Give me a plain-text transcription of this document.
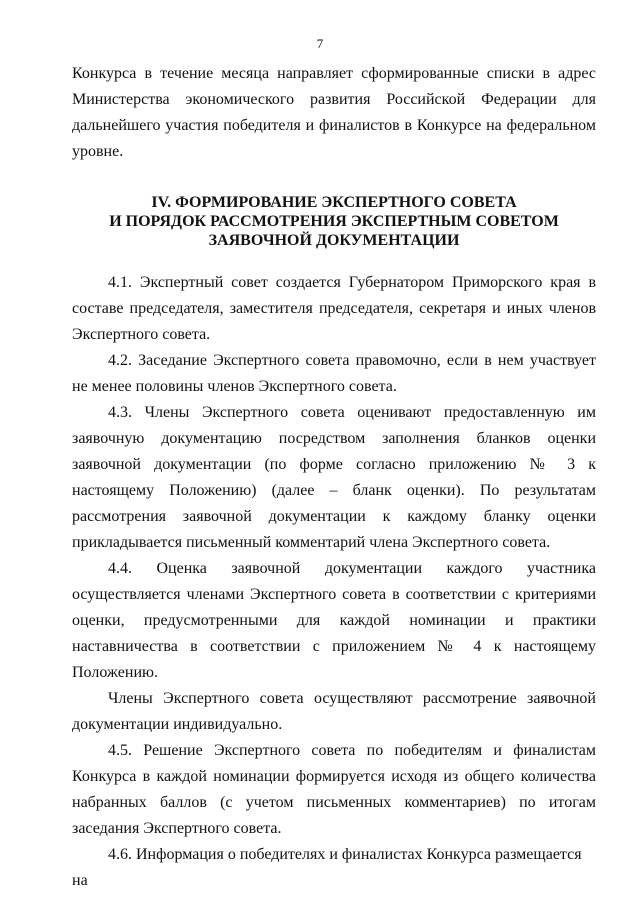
7

Конкурса в течение месяца направляет сформированные списки в адрес Министерства экономического развития Российской Федерации для дальнейшего участия победителя и финалистов в Конкурсе на федеральном уровне.

IV. ФОРМИРОВАНИЕ ЭКСПЕРТНОГО СОВЕТА
И ПОРЯДОК РАССМОТРЕНИЯ ЭКСПЕРТНЫМ СОВЕТОМ
ЗАЯВОЧНОЙ ДОКУМЕНТАЦИИ

4.1. Экспертный совет создается Губернатором Приморского края в составе председателя, заместителя председателя, секретаря и иных членов Экспертного совета.

4.2. Заседание Экспертного совета правомочно, если в нем участвует не менее половины членов Экспертного совета.

4.3. Члены Экспертного совета оценивают предоставленную им заявочную документацию посредством заполнения бланков оценки заявочной документации (по форме согласно приложению № 3 к настоящему Положению) (далее – бланк оценки). По результатам рассмотрения заявочной документации к каждому бланку оценки прикладывается письменный комментарий члена Экспертного совета.

4.4. Оценка заявочной документации каждого участника осуществляется членами Экспертного совета в соответствии с критериями оценки, предусмотренными для каждой номинации и практики наставничества в соответствии с приложением № 4 к настоящему Положению.

Члены Экспертного совета осуществляют рассмотрение заявочной документации индивидуально.

4.5. Решение Экспертного совета по победителям и финалистам Конкурса в каждой номинации формируется исходя из общего количества набранных баллов (с учетом письменных комментариев) по итогам заседания Экспертного совета.

4.6. Информация о победителях и финалистах Конкурса размещается на
